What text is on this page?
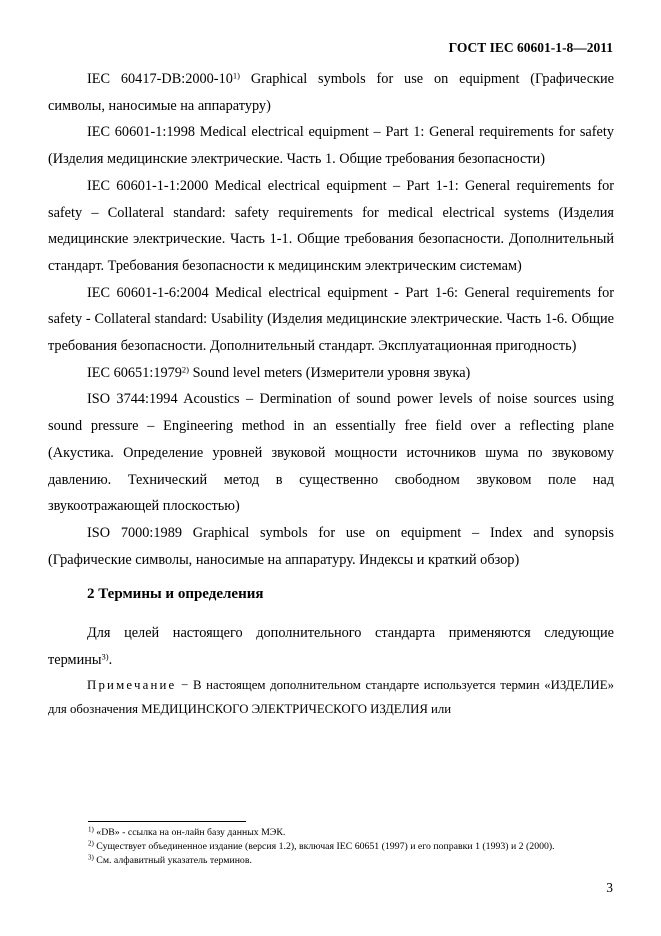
ГОСТ IEC 60601-1-8—2011

IEC 60417-DB:2000-10$^{1)}$ Graphical symbols for use on equipment (Графические символы, наносимые на аппаратуру)

IEC 60601-1:1998 Medical electrical equipment – Part 1: General requirements for safety (Изделия медицинские электрические. Часть 1. Общие требования безопасности)

IEC 60601-1-1:2000 Medical electrical equipment – Part 1-1: General requirements for safety – Collateral standard: safety requirements for medical electrical systems (Изделия медицинские электрические. Часть 1-1. Общие требования безопасности. Дополнительный стандарт. Требования безопасности к медицинским электрическим системам)

IEC 60601-1-6:2004 Medical electrical equipment - Part 1-6: General requirements for safety - Collateral standard: Usability (Изделия медицинские электрические. Часть 1-6. Общие требования безопасности. Дополнительный стандарт. Эксплуатационная пригодность)

IEC 60651:1979$^{2)}$ Sound level meters (Измерители уровня звука)

ISO 3744:1994 Acoustics – Dermination of sound power levels of noise sources using sound pressure – Engineering method in an essentially free field over a reflecting plane (Акустика. Определение уровней звуковой мощности источников шума по звуковому давлению. Технический метод в существенно свободном звуковом поле над звукоотражающей плоскостью)

ISO 7000:1989 Graphical symbols for use on equipment – Index and synopsis (Графические символы, наносимые на аппаратуру. Индексы и краткий обзор)

2 Термины и определения

Для целей настоящего дополнительного стандарта применяются следующие термины$^{3)}$.

Примечание − В настоящем дополнительном стандарте используется термин «ИЗДЕЛИЕ» для обозначения МЕДИЦИНСКОГО ЭЛЕКТРИЧЕСКОГО ИЗДЕЛИЯ или

$^{1)}$ «DB» - ссылка на он-лайн базу данных МЭК.

$^{2)}$ Существует объединенное издание (версия 1.2), включая IEC 60651 (1997) и его поправки 1 (1993) и 2 (2000).

$^{3)}$ См. алфавитный указатель терминов.

3
